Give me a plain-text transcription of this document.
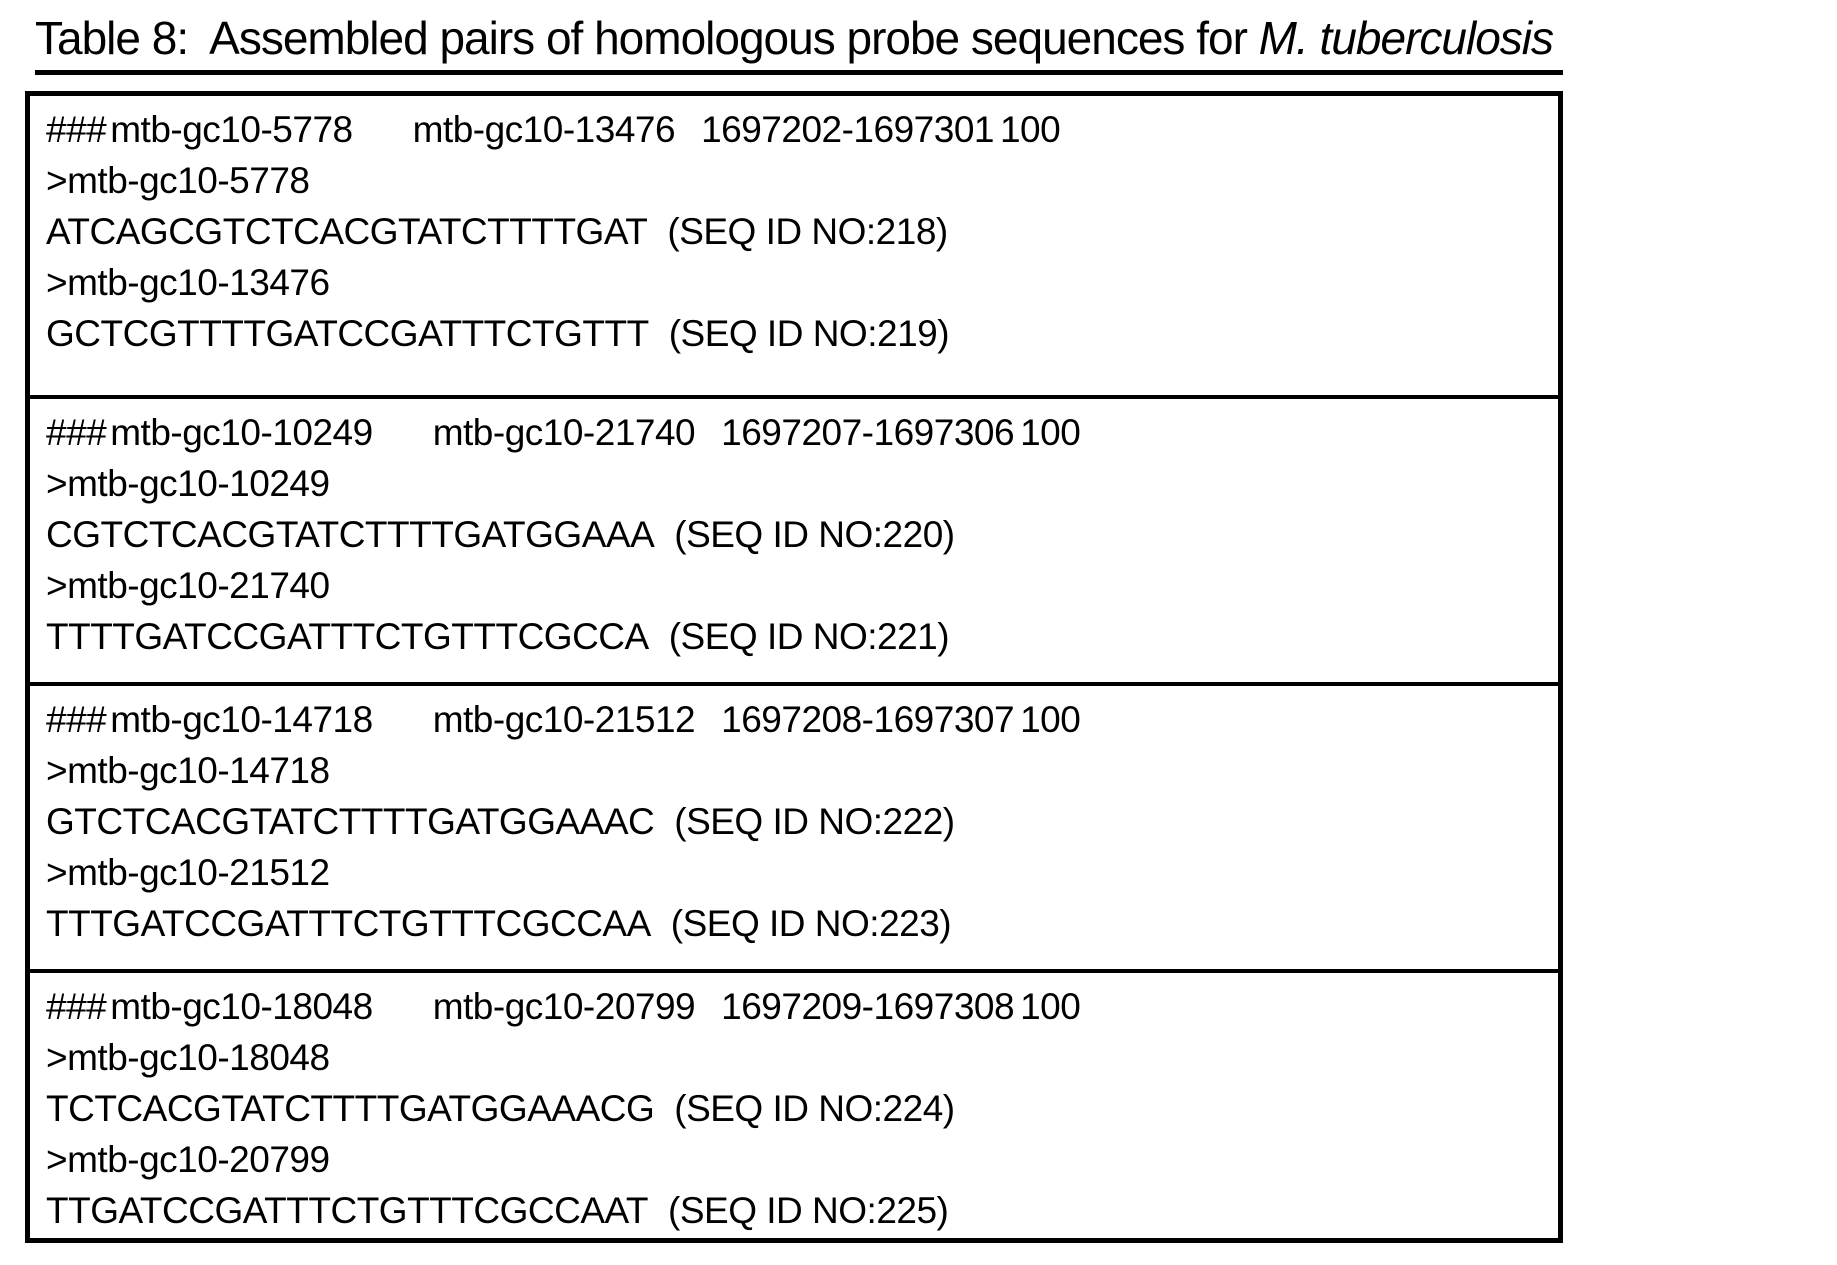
Table 8:  Assembled pairs of homologous probe sequences for M. tuberculosis
### mtb-gc10-5778 mtb-gc10-13476 1697202-1697301 100
>mtb-gc10-5778
ATCAGCGTCTCACGTATCTTTTGAT (SEQ ID NO:218)
>mtb-gc10-13476
GCTCGTTTTGATCCGATTTCTGTTT (SEQ ID NO:219)
### mtb-gc10-10249 mtb-gc10-21740 1697207-1697306 100
>mtb-gc10-10249
CGTCTCACGTATCTTTTGATGGAAA (SEQ ID NO:220)
>mtb-gc10-21740
TTTTGATCCGATTTCTGTTTCGCCA (SEQ ID NO:221)
### mtb-gc10-14718 mtb-gc10-21512 1697208-1697307 100
>mtb-gc10-14718
GTCTCACGTATCTTTTGATGGAAAC (SEQ ID NO:222)
>mtb-gc10-21512
TTTGATCCGATTTCTGTTTCGCCAA (SEQ ID NO:223)
### mtb-gc10-18048 mtb-gc10-20799 1697209-1697308 100
>mtb-gc10-18048
TCTCACGTATCTTTTGATGGAAACG (SEQ ID NO:224)
>mtb-gc10-20799
TTGATCCGATTTCTGTTTCGCCAAT (SEQ ID NO:225)
